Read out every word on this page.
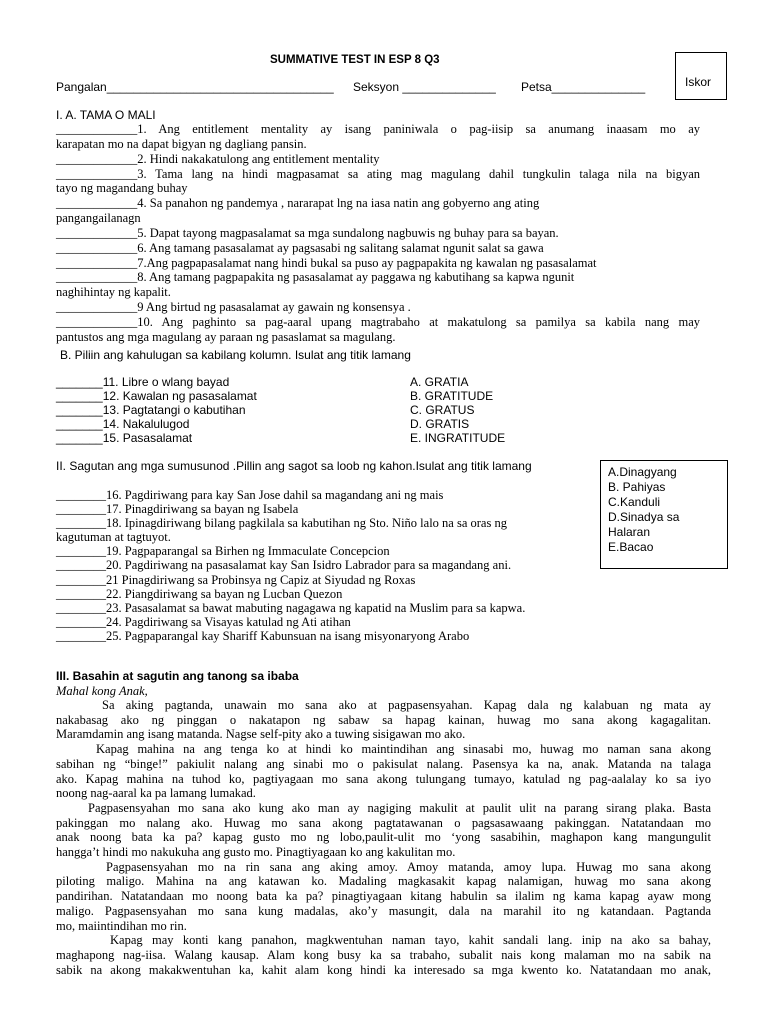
SUMMATIVE TEST IN ESP 8 Q3
Pangalan__________________________________ Seksyon ______________ Petsa______________	Iskor
I. A. TAMA O MALI
_____________1. Ang entitlement mentality ay isang paniniwala o pag-iisip sa anumang inaasam mo ay
karapatan mo na dapat bigyan ng dagliang pansin.
_____________2. Hindi nakakatulong ang entitlement mentality
_____________3. Tama lang na hindi magpasamat sa ating mag magulang dahil tungkulin talaga nila na bigyan
tayo ng magandang buhay
_____________4. Sa panahon ng pandemya , nararapat lng na iasa natin ang gobyerno ang ating
pangangailanagn
_____________5. Dapat tayong magpasalamat sa mga sundalong nagbuwis ng buhay para sa bayan.
_____________6. Ang tamang pasasalamat ay pagsasabi ng salitang salamat ngunit salat sa gawa
_____________7.Ang pagpapasalamat nang hindi bukal sa puso ay pagpapakita ng kawalan ng pasasalamat
_____________8. Ang tamang pagpapakita ng pasasalamat ay paggawa ng kabutihang sa kapwa ngunit
naghihintay ng kapalit.
_____________9 Ang birtud ng pasasalamat ay gawain ng konsensya .
_____________10. Ang paghinto sa pag-aaral upang magtrabaho at makatulong sa pamilya sa kabila nang may
pantustos ang mga magulang ay paraan ng pasaslamat sa magulang.
B. Piliin ang kahulugan sa kabilang kolumn. Isulat ang titik lamang
_______11. Libre o wlang bayad
_______12. Kawalan ng pasasalamat
_______13. Pagtatangi o kabutihan
_______14. Nakalulugod
_______15. Pasasalamat
A. GRATIA
B. GRATITUDE
C. GRATUS
D. GRATIS
E. INGRATITUDE
II. Sagutan ang mga sumusunod .Pillin ang sagot sa loob ng kahon.Isulat ang titik lamang	A.Dinagyang
B. Pahiyas
C.Kanduli
D.Sinadya sa
Halaran
E.Bacao
________16. Pagdiriwang para kay San Jose dahil sa magandang ani ng mais
________17. Pinagdiriwang sa bayan ng Isabela
________18. Ipinagdiriwang bilang pagkilala sa kabutihan ng Sto. Niño lalo na sa oras ng
kagutuman at tagtuyot.
________19. Pagpaparangal sa Birhen ng Immaculate Concepcion
________20. Pagdiriwang na pasasalamat kay San Isidro Labrador para sa magandang ani.
________21 Pinagdiriwang sa Probinsya ng Capiz at Siyudad ng Roxas
________22. Piangdiriwang sa bayan ng Lucban Quezon
________23. Pasasalamat sa bawat mabuting nagagawa ng kapatid na Muslim para sa kapwa.
________24. Pagdiriwang sa Visayas katulad ng Ati atihan
________25. Pagpaparangal kay Shariff Kabunsuan na isang misyonaryong Arabo
III. Basahin at sagutin ang tanong sa ibaba
Mahal kong Anak,

Sa aking pagtanda, unawain mo sana ako at pagpasensyahan. Kapag dala ng kalabuan ng mata ay
nakabasag ako ng pinggan o nakatapon ng sabaw sa hapag kainan, huwag mo sana akong kagagalitan.
Maramdamin ang isang matanda. Nagse self-pity ako a tuwing sisigawan mo ako.

Kapag mahina na ang tenga ko at hindi ko maintindihan ang sinasabi mo, huwag mo naman sana akong
sabihan ng “binge!” pakiulit nalang ang sinabi mo o pakisulat nalang. Pasensya ka na, anak. Matanda na talaga
ako. Kapag mahina na tuhod ko, pagtiyagaan mo sana akong tulungang tumayo, katulad ng pag-aalalay ko sa iyo
noong nag-aaral ka pa lamang lumakad.

Pagpasensyahan mo sana ako kung ako man ay nagiging makulit at paulit ulit na parang sirang plaka. Basta
pakinggan mo nalang ako. Huwag mo sana akong pagtatawanan o pagsasawaang pakinggan. Natatandaan mo
anak noong bata ka pa? kapag gusto mo ng lobo,paulit-ulit mo ‘yong sasabihin, maghapon kang mangungulit
hangga’t hindi mo nakukuha ang gusto mo. Pinagtiyagaan ko ang kakulitan mo.

Pagpasensyahan mo na rin sana ang aking amoy. Amoy matanda, amoy lupa. Huwag mo sana akong
piloting maligo. Mahina na ang katawan ko. Madaling magkasakit kapag nalamigan, huwag mo sana akong
pandirihan. Natatandaan mo noong bata ka pa? pinagtiyagaan kitang habulin sa ilalim ng kama kapag ayaw mong
maligo. Pagpasensyahan mo sana kung madalas, ako’y masungit, dala na marahil ito ng katandaan. Pagtanda
mo, maiintindihan mo rin.

Kapag may konti kang panahon, magkwentuhan naman tayo, kahit sandali lang. inip na ako sa bahay,
maghapong nag-iisa. Walang kausap. Alam kong busy ka sa trabaho, subalit nais kong malaman mo na sabik na
sabik na akong makakwentuhan ka, kahit alam kong hindi ka interesado sa mga kwento ko. Natatandaan mo anak,
